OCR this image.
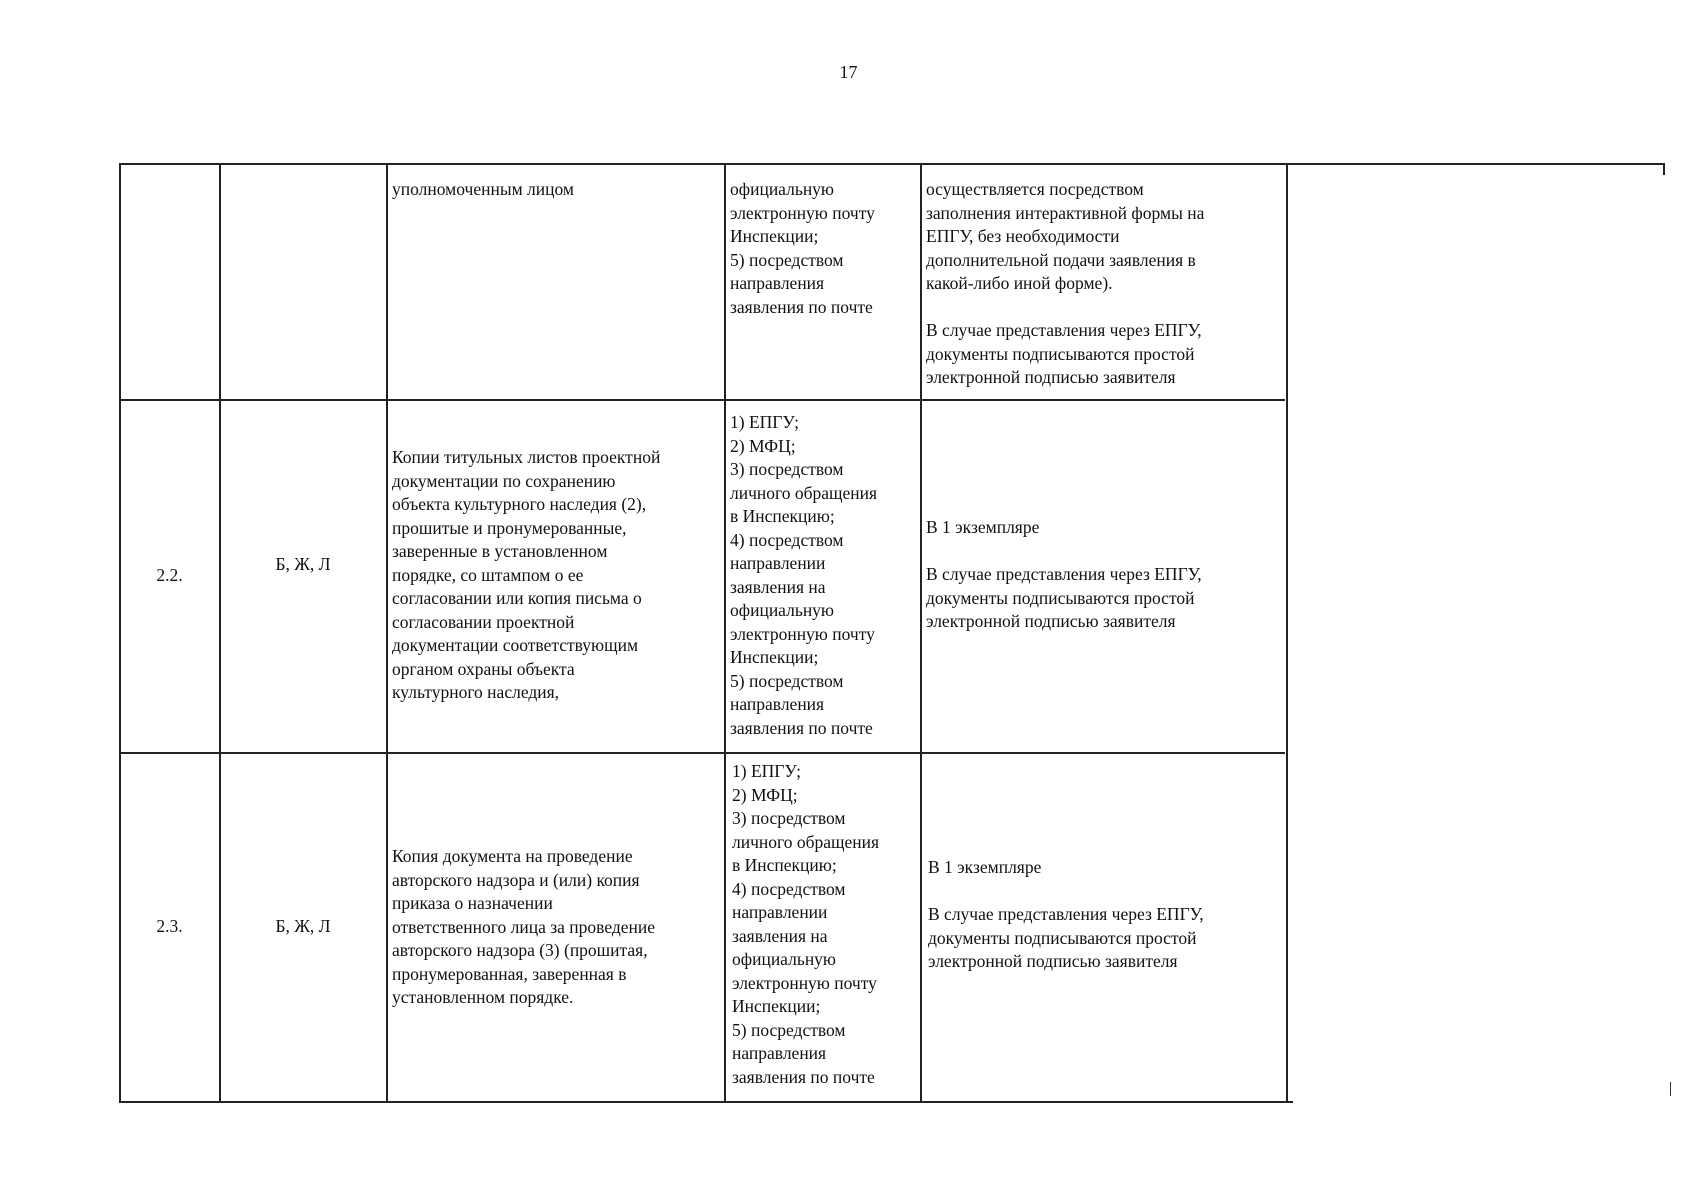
17
уполномоченным лицом	официальную
электронную почту
Инспекции;
5) посредством
направления
заявления по почте
осуществляется посредством
заполнения интерактивной формы на
ЕПГУ, без необходимости
дополнительной подачи заявления в
какой-либо иной форме).

В случае представления через ЕПГУ,
документы подписываются простой
электронной подписью заявителя
2.2.
Б, Ж, Л
Копии титульных листов проектной
документации по сохранению
объекта культурного наследия (2),
прошитые и пронумерованные,
заверенные в установленном
порядке, со штампом о ее
согласовании или копия письма о
согласовании проектной
документации соответствующим
органом охраны объекта
культурного наследия,
1) ЕПГУ;
2) МФЦ;
3) посредством
личного обращения
в Инспекцию;
4) посредством
направлении
заявления на
официальную
электронную почту
Инспекции;
5) посредством
направления
заявления по почте
В 1 экземпляре

В случае представления через ЕПГУ,
документы подписываются простой
электронной подписью заявителя
2.3.	Б, Ж, Л
Копия документа на проведение
авторского надзора и (или) копия
приказа о назначении
ответственного лица за проведение
авторского надзора (3) (прошитая,
пронумерованная, заверенная в
установленном порядке.
1) ЕПГУ;
2) МФЦ;
3) посредством
личного обращения
в Инспекцию;
4) посредством
направлении
заявления на
официальную
электронную почту
Инспекции;
5) посредством
направления
заявления по почте
В 1 экземпляре

В случае представления через ЕПГУ,
документы подписываются простой
электронной подписью заявителя
